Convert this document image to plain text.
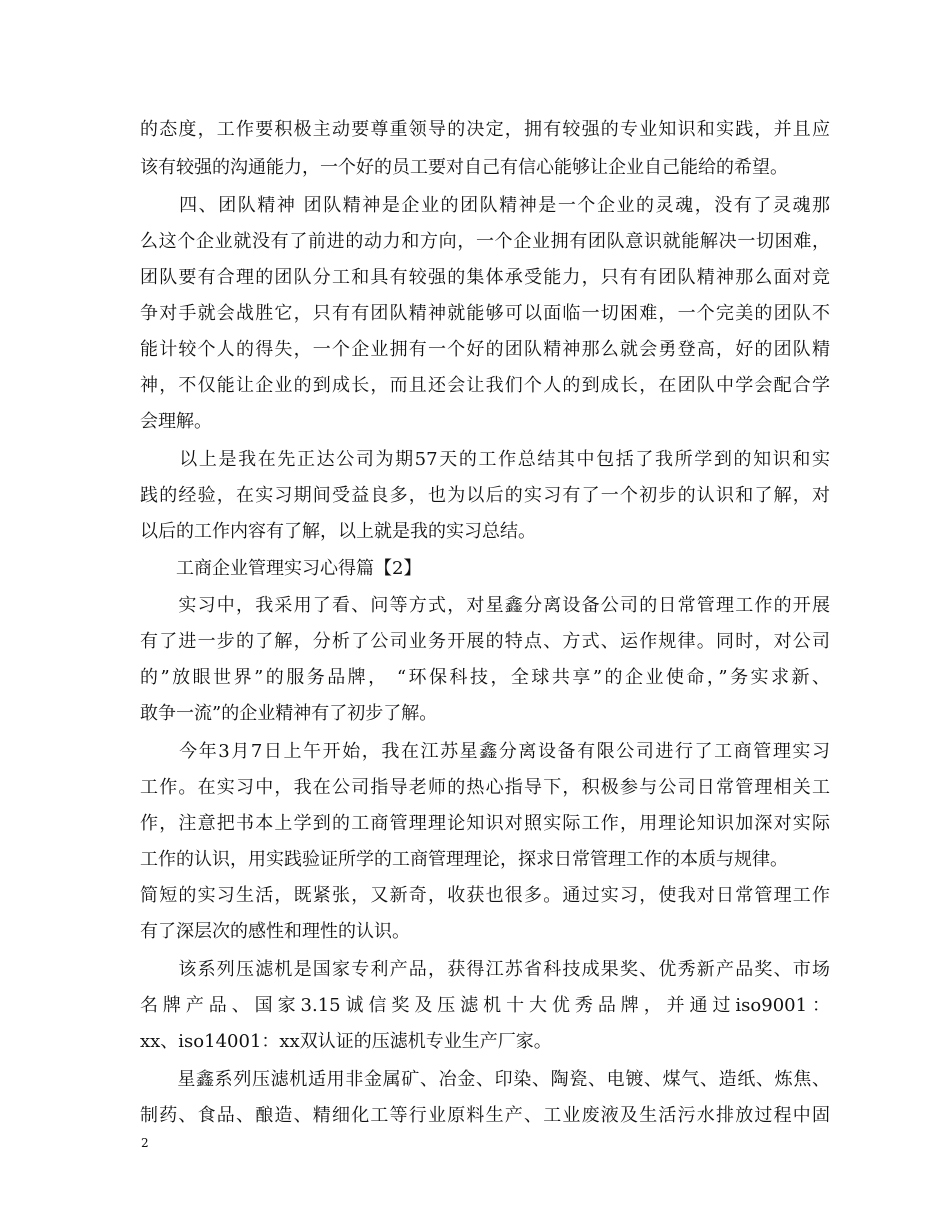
的态度，工作要积极主动要尊重领导的决定，拥有较强的专业知识和实践，并且应
该有较强的沟通能力，一个好的员工要对自己有信心能够让企业自己能给的希望。
　　四、团队精神 团队精神是企业的团队精神是一个企业的灵魂，没有了灵魂那
么这个企业就没有了前进的动力和方向，一个企业拥有团队意识就能解决一切困难，
团队要有合理的团队分工和具有较强的集体承受能力，只有有团队精神那么面对竞
争对手就会战胜它，只有有团队精神就能够可以面临一切困难，一个完美的团队不
能计较个人的得失，一个企业拥有一个好的团队精神那么就会勇登高，好的团队精
神，不仅能让企业的到成长，而且还会让我们个人的到成长，在团队中学会配合学
会理解。
　　以上是我在先正达公司为期57天的工作总结其中包括了我所学到的知识和实
践的经验，在实习期间受益良多，也为以后的实习有了一个初步的认识和了解，对
以后的工作内容有了解，以上就是我的实习总结。
　　工商企业管理实习心得篇【2】
　　实习中，我采用了看、问等方式，对星鑫分离设备公司的日常管理工作的开展
有了进一步的了解，分析了公司业务开展的特点、方式、运作规律。同时，对公司
的”放眼世界”的服务品牌， “环保科技，全球共享”的企业使命，”务实求新、
敢争一流”的企业精神有了初步了解。
　　今年3月7日上午开始，我在江苏星鑫分离设备有限公司进行了工商管理实习
工作。在实习中，我在公司指导老师的热心指导下，积极参与公司日常管理相关工
作，注意把书本上学到的工商管理理论知识对照实际工作，用理论知识加深对实际
工作的认识，用实践验证所学的工商管理理论，探求日常管理工作的本质与规律。
简短的实习生活，既紧张，又新奇，收获也很多。通过实习，使我对日常管理工作
有了深层次的感性和理性的认识。
　　该系列压滤机是国家专利产品，获得江苏省科技成果奖、优秀新产品奖、市场
名牌产品、国家3.15诚信奖及压滤机十大优秀品牌，并通过iso9001：
xx、iso14001：xx双认证的压滤机专业生产厂家。
　　星鑫系列压滤机适用非金属矿、冶金、印染、陶瓷、电镀、煤气、造纸、炼焦、
制药、食品、酿造、精细化工等行业原料生产、工业废液及生活污水排放过程中固
2
